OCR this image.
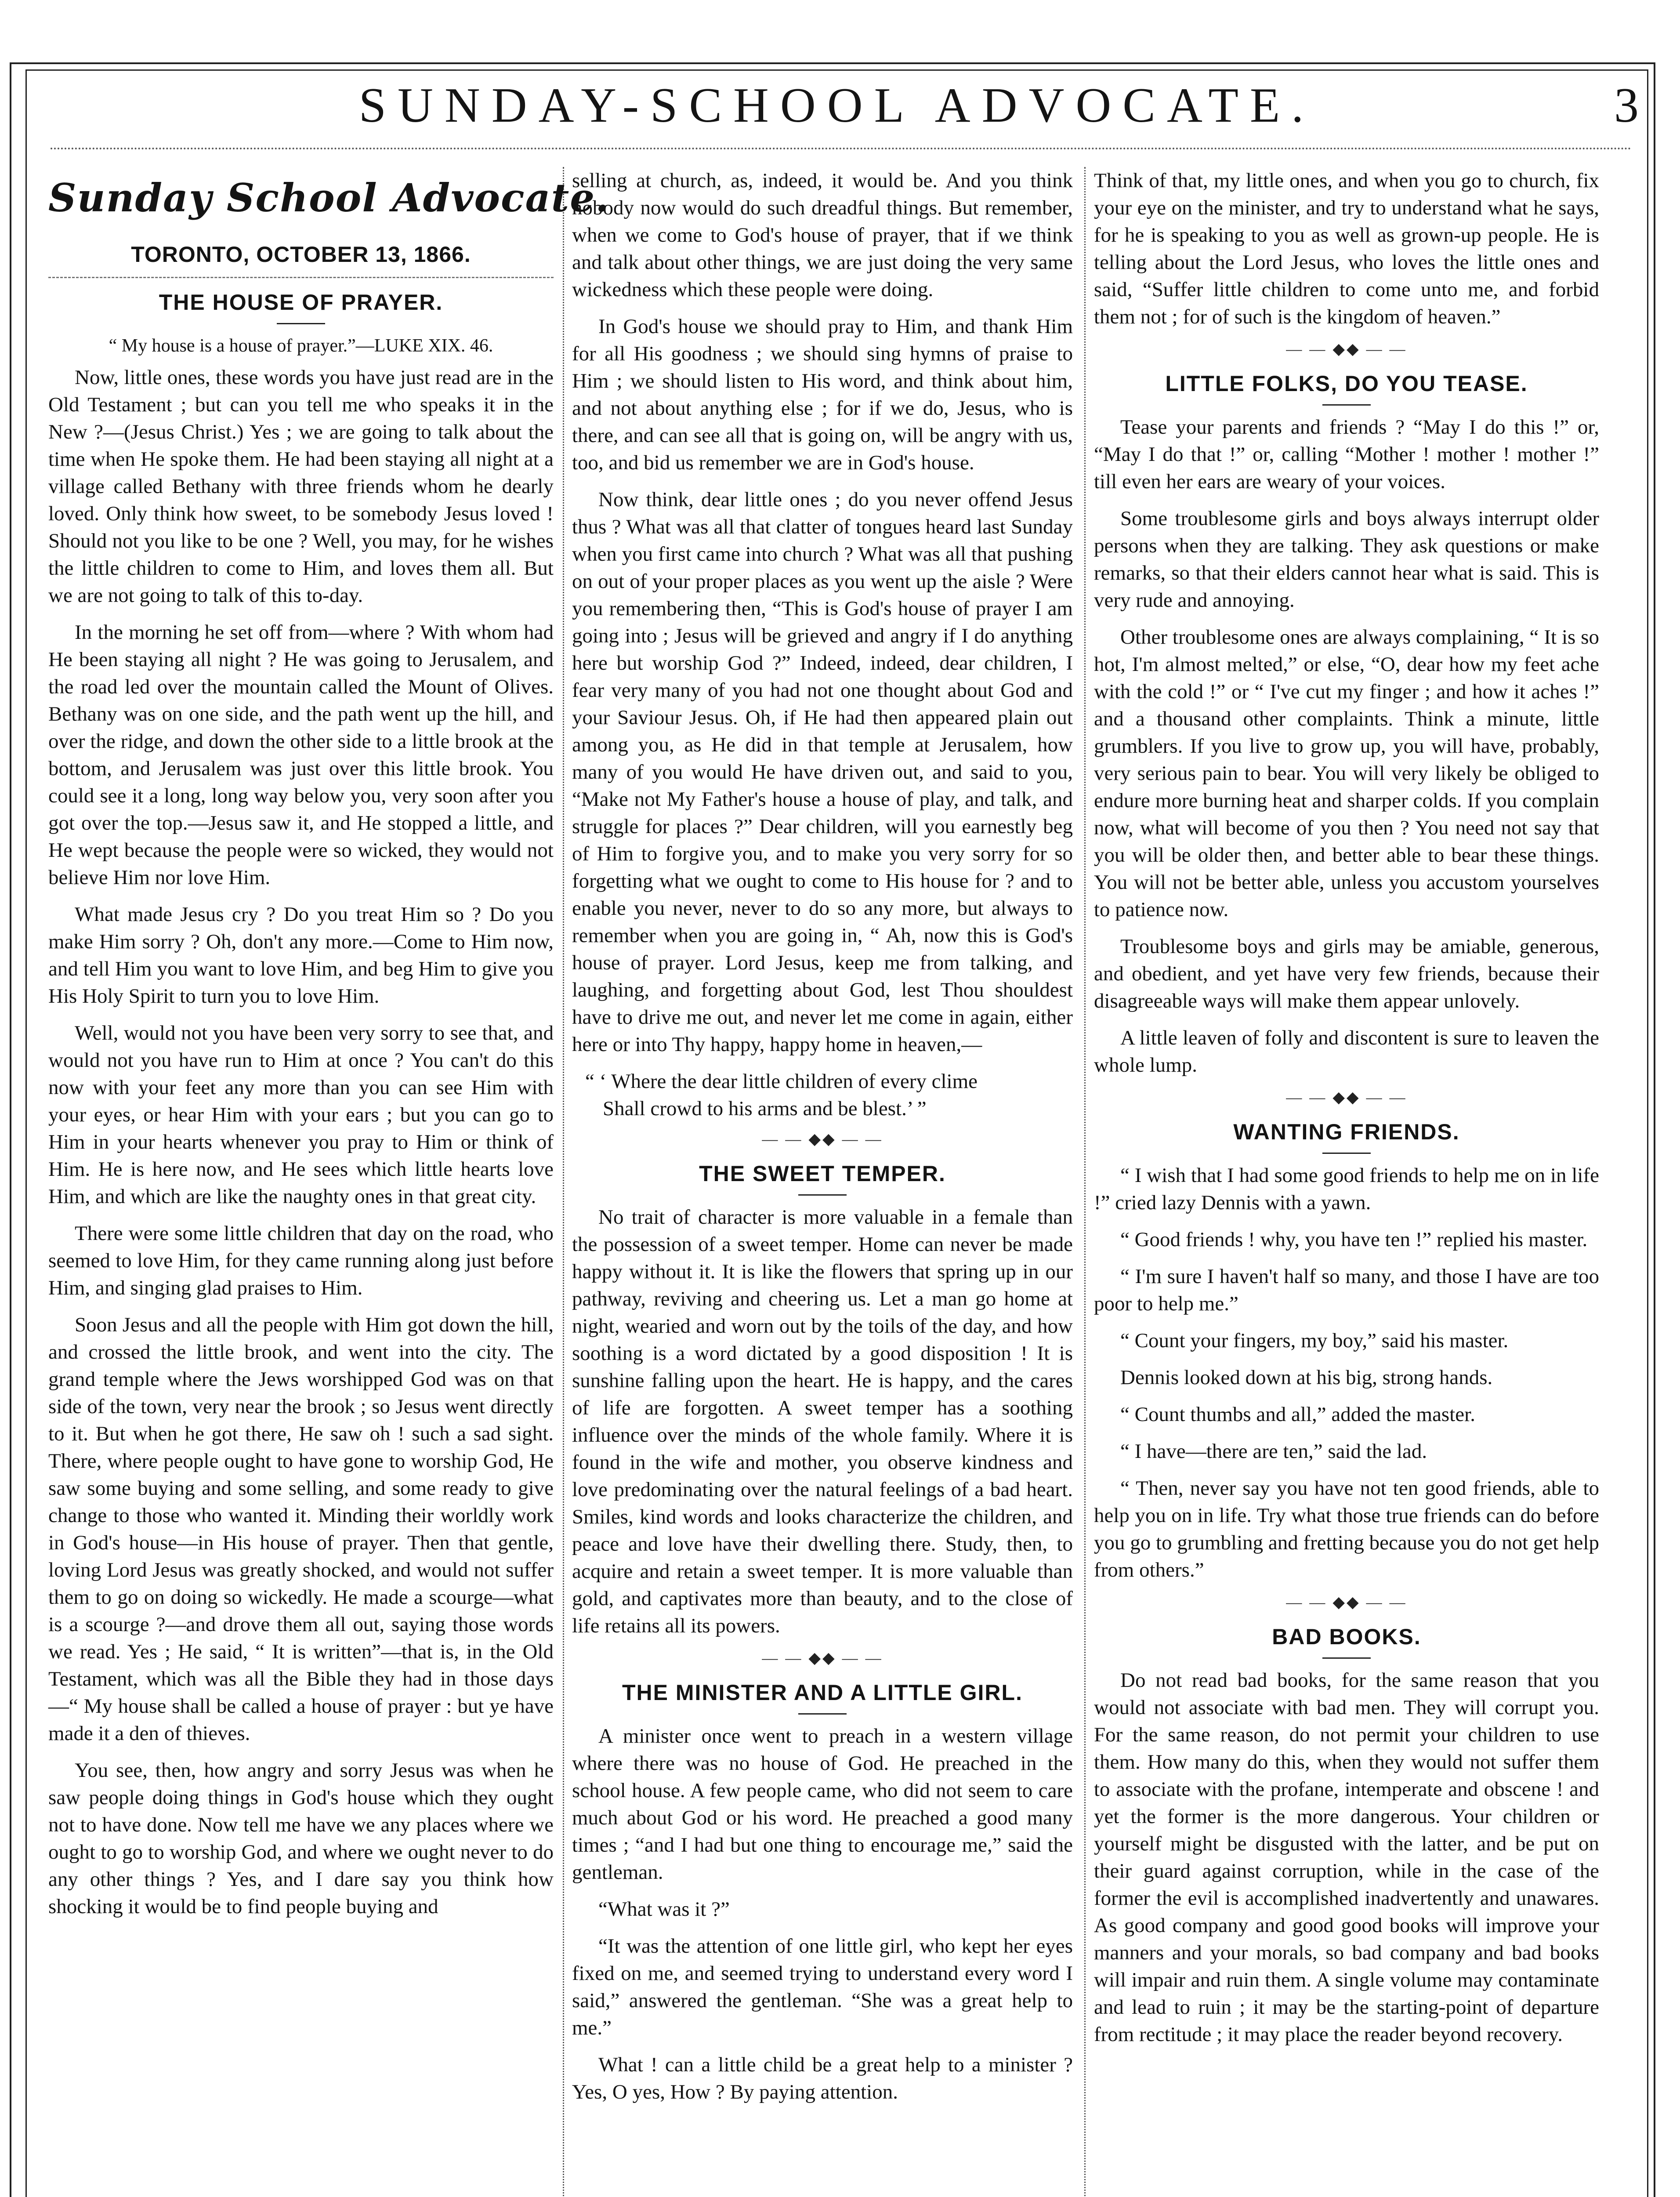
SUNDAY-SCHOOL ADVOCATE.	3
Sunday School Advocate.
TORONTO, OCTOBER 13, 1866.
THE HOUSE OF PRAYER.

“ My house is a house of prayer.”—LUKE XIX. 46.

Now, little ones, these words you have just read are in the Old Testament ; but can you tell me who speaks it in the New ?—(Jesus Christ.) Yes ; we are going to talk about the time when He spoke them. He had been staying all night at a village called Bethany with three friends whom he dearly loved. Only think how sweet, to be somebody Jesus loved ! Should not you like to be one ? Well, you may, for he wishes the little children to come to Him, and loves them all. But we are not going to talk of this to-day.

In the morning he set off from—where ? With whom had He been staying all night ? He was going to Jerusalem, and the road led over the mountain called the Mount of Olives. Bethany was on one side, and the path went up the hill, and over the ridge, and down the other side to a little brook at the bottom, and Jerusalem was just over this little brook. You could see it a long, long way below you, very soon after you got over the top.—Jesus saw it, and He stopped a little, and He wept because the people were so wicked, they would not believe Him nor love Him.

What made Jesus cry ? Do you treat Him so ? Do you make Him sorry ? Oh, don't any more.—Come to Him now, and tell Him you want to love Him, and beg Him to give you His Holy Spirit to turn you to love Him.

Well, would not you have been very sorry to see that, and would not you have run to Him at once ? You can't do this now with your feet any more than you can see Him with your eyes, or hear Him with your ears ; but you can go to Him in your hearts whenever you pray to Him or think of Him. He is here now, and He sees which little hearts love Him, and which are like the naughty ones in that great city.

There were some little children that day on the road, who seemed to love Him, for they came running along just before Him, and singing glad praises to Him.

Soon Jesus and all the people with Him got down the hill, and crossed the little brook, and went into the city. The grand temple where the Jews worshipped God was on that side of the town, very near the brook ; so Jesus went directly to it. But when he got there, He saw oh ! such a sad sight. There, where people ought to have gone to worship God, He saw some buying and some selling, and some ready to give change to those who wanted it. Minding their worldly work in God's house—in His house of prayer. Then that gentle, loving Lord Jesus was greatly shocked, and would not suffer them to go on doing so wickedly. He made a scourge—what is a scourge ?—and drove them all out, saying those words we read. Yes ; He said, “ It is written”—that is, in the Old Testament, which was all the Bible they had in those days—“ My house shall be called a house of prayer : but ye have made it a den of thieves.

You see, then, how angry and sorry Jesus was when he saw people doing things in God's house which they ought not to have done. Now tell me have we any places where we ought to go to worship God, and where we ought never to do any other things ? Yes, and I dare say you think how shocking it would be to find people buying and

selling at church, as, indeed, it would be. And you think nobody now would do such dreadful things. But remember, when we come to God's house of prayer, that if we think and talk about other things, we are just doing the very same wickedness which these people were doing.

In God's house we should pray to Him, and thank Him for all His goodness ; we should sing hymns of praise to Him ; we should listen to His word, and think about him, and not about anything else ; for if we do, Jesus, who is there, and can see all that is going on, will be angry with us, too, and bid us remember we are in God's house.

Now think, dear little ones ; do you never offend Jesus thus ? What was all that clatter of tongues heard last Sunday when you first came into church ? What was all that pushing on out of your proper places as you went up the aisle ? Were you remembering then, “This is God's house of prayer I am going into ; Jesus will be grieved and angry if I do anything here but worship God ?” Indeed, indeed, dear children, I fear very many of you had not one thought about God and your Saviour Jesus. Oh, if He had then appeared plain out among you, as He did in that temple at Jerusalem, how many of you would He have driven out, and said to you, “Make not My Father's house a house of play, and talk, and struggle for places ?” Dear children, will you earnestly beg of Him to forgive you, and to make you very sorry for so forgetting what we ought to come to His house for ? and to enable you never, never to do so any more, but always to remember when you are going in, “ Ah, now this is God's house of prayer. Lord Jesus, keep me from talking, and laughing, and forgetting about God, lest Thou shouldest have to drive me out, and never let me come in again, either here or into Thy happy, happy home in heaven,—

“ ‘ Where the dear little children of every clime
Shall crowd to his arms and be blest.’ ”

— — ◆◆ — —
THE SWEET TEMPER.

No trait of character is more valuable in a female than the possession of a sweet temper. Home can never be made happy without it. It is like the flowers that spring up in our pathway, reviving and cheering us. Let a man go home at night, wearied and worn out by the toils of the day, and how soothing is a word dictated by a good disposition ! It is sunshine falling upon the heart. He is happy, and the cares of life are forgotten. A sweet temper has a soothing influence over the minds of the whole family. Where it is found in the wife and mother, you observe kindness and love predominating over the natural feelings of a bad heart. Smiles, kind words and looks characterize the children, and peace and love have their dwelling there. Study, then, to acquire and retain a sweet temper. It is more valuable than gold, and captivates more than beauty, and to the close of life retains all its powers.

— — ◆◆ — —
THE MINISTER AND A LITTLE GIRL.

A minister once went to preach in a western village where there was no house of God. He preached in the school house. A few people came, who did not seem to care much about God or his word. He preached a good many times ; “and I had but one thing to encourage me,” said the gentleman.

“What was it ?”

“It was the attention of one little girl, who kept her eyes fixed on me, and seemed trying to understand every word I said,” answered the gentleman. “She was a great help to me.”

What ! can a little child be a great help to a minister ? Yes, O yes, How ? By paying attention.

Think of that, my little ones, and when you go to church, fix your eye on the minister, and try to understand what he says, for he is speaking to you as well as grown-up people. He is telling about the Lord Jesus, who loves the little ones and said, “Suffer little children to come unto me, and forbid them not ; for of such is the kingdom of heaven.”

— — ◆◆ — —
LITTLE FOLKS, DO YOU TEASE.

Tease your parents and friends ? “May I do this !” or, “May I do that !” or, calling “Mother ! mother ! mother !” till even her ears are weary of your voices.

Some troublesome girls and boys always interrupt older persons when they are talking. They ask questions or make remarks, so that their elders cannot hear what is said. This is very rude and annoying.

Other troublesome ones are always complaining, “ It is so hot, I'm almost melted,” or else, “O, dear how my feet ache with the cold !” or “ I've cut my finger ; and how it aches !” and a thousand other complaints. Think a minute, little grumblers. If you live to grow up, you will have, probably, very serious pain to bear. You will very likely be obliged to endure more burning heat and sharper colds. If you complain now, what will become of you then ? You need not say that you will be older then, and better able to bear these things. You will not be better able, unless you accustom yourselves to patience now.

Troublesome boys and girls may be amiable, generous, and obedient, and yet have very few friends, because their disagreeable ways will make them appear unlovely.

A little leaven of folly and discontent is sure to leaven the whole lump.

— — ◆◆ — —
WANTING FRIENDS.

“ I wish that I had some good friends to help me on in life !” cried lazy Dennis with a yawn.

“ Good friends ! why, you have ten !” replied his master.

“ I'm sure I haven't half so many, and those I have are too poor to help me.”

“ Count your fingers, my boy,” said his master.

Dennis looked down at his big, strong hands.

“ Count thumbs and all,” added the master.

“ I have—there are ten,” said the lad.

“ Then, never say you have not ten good friends, able to help you on in life. Try what those true friends can do before you go to grumbling and fretting because you do not get help from others.”

— — ◆◆ — —
BAD BOOKS.

Do not read bad books, for the same reason that you would not associate with bad men. They will corrupt you. For the same reason, do not permit your children to use them. How many do this, when they would not suffer them to associate with the profane, intemperate and obscene ! and yet the former is the more dangerous. Your children or yourself might be disgusted with the latter, and be put on their guard against corruption, while in the case of the former the evil is accomplished inadvertently and unawares. As good company and good good books will improve your manners and your morals, so bad company and bad books will impair and ruin them. A single volume may contaminate and lead to ruin ; it may be the starting-point of departure from rectitude ; it may place the reader beyond recovery.
